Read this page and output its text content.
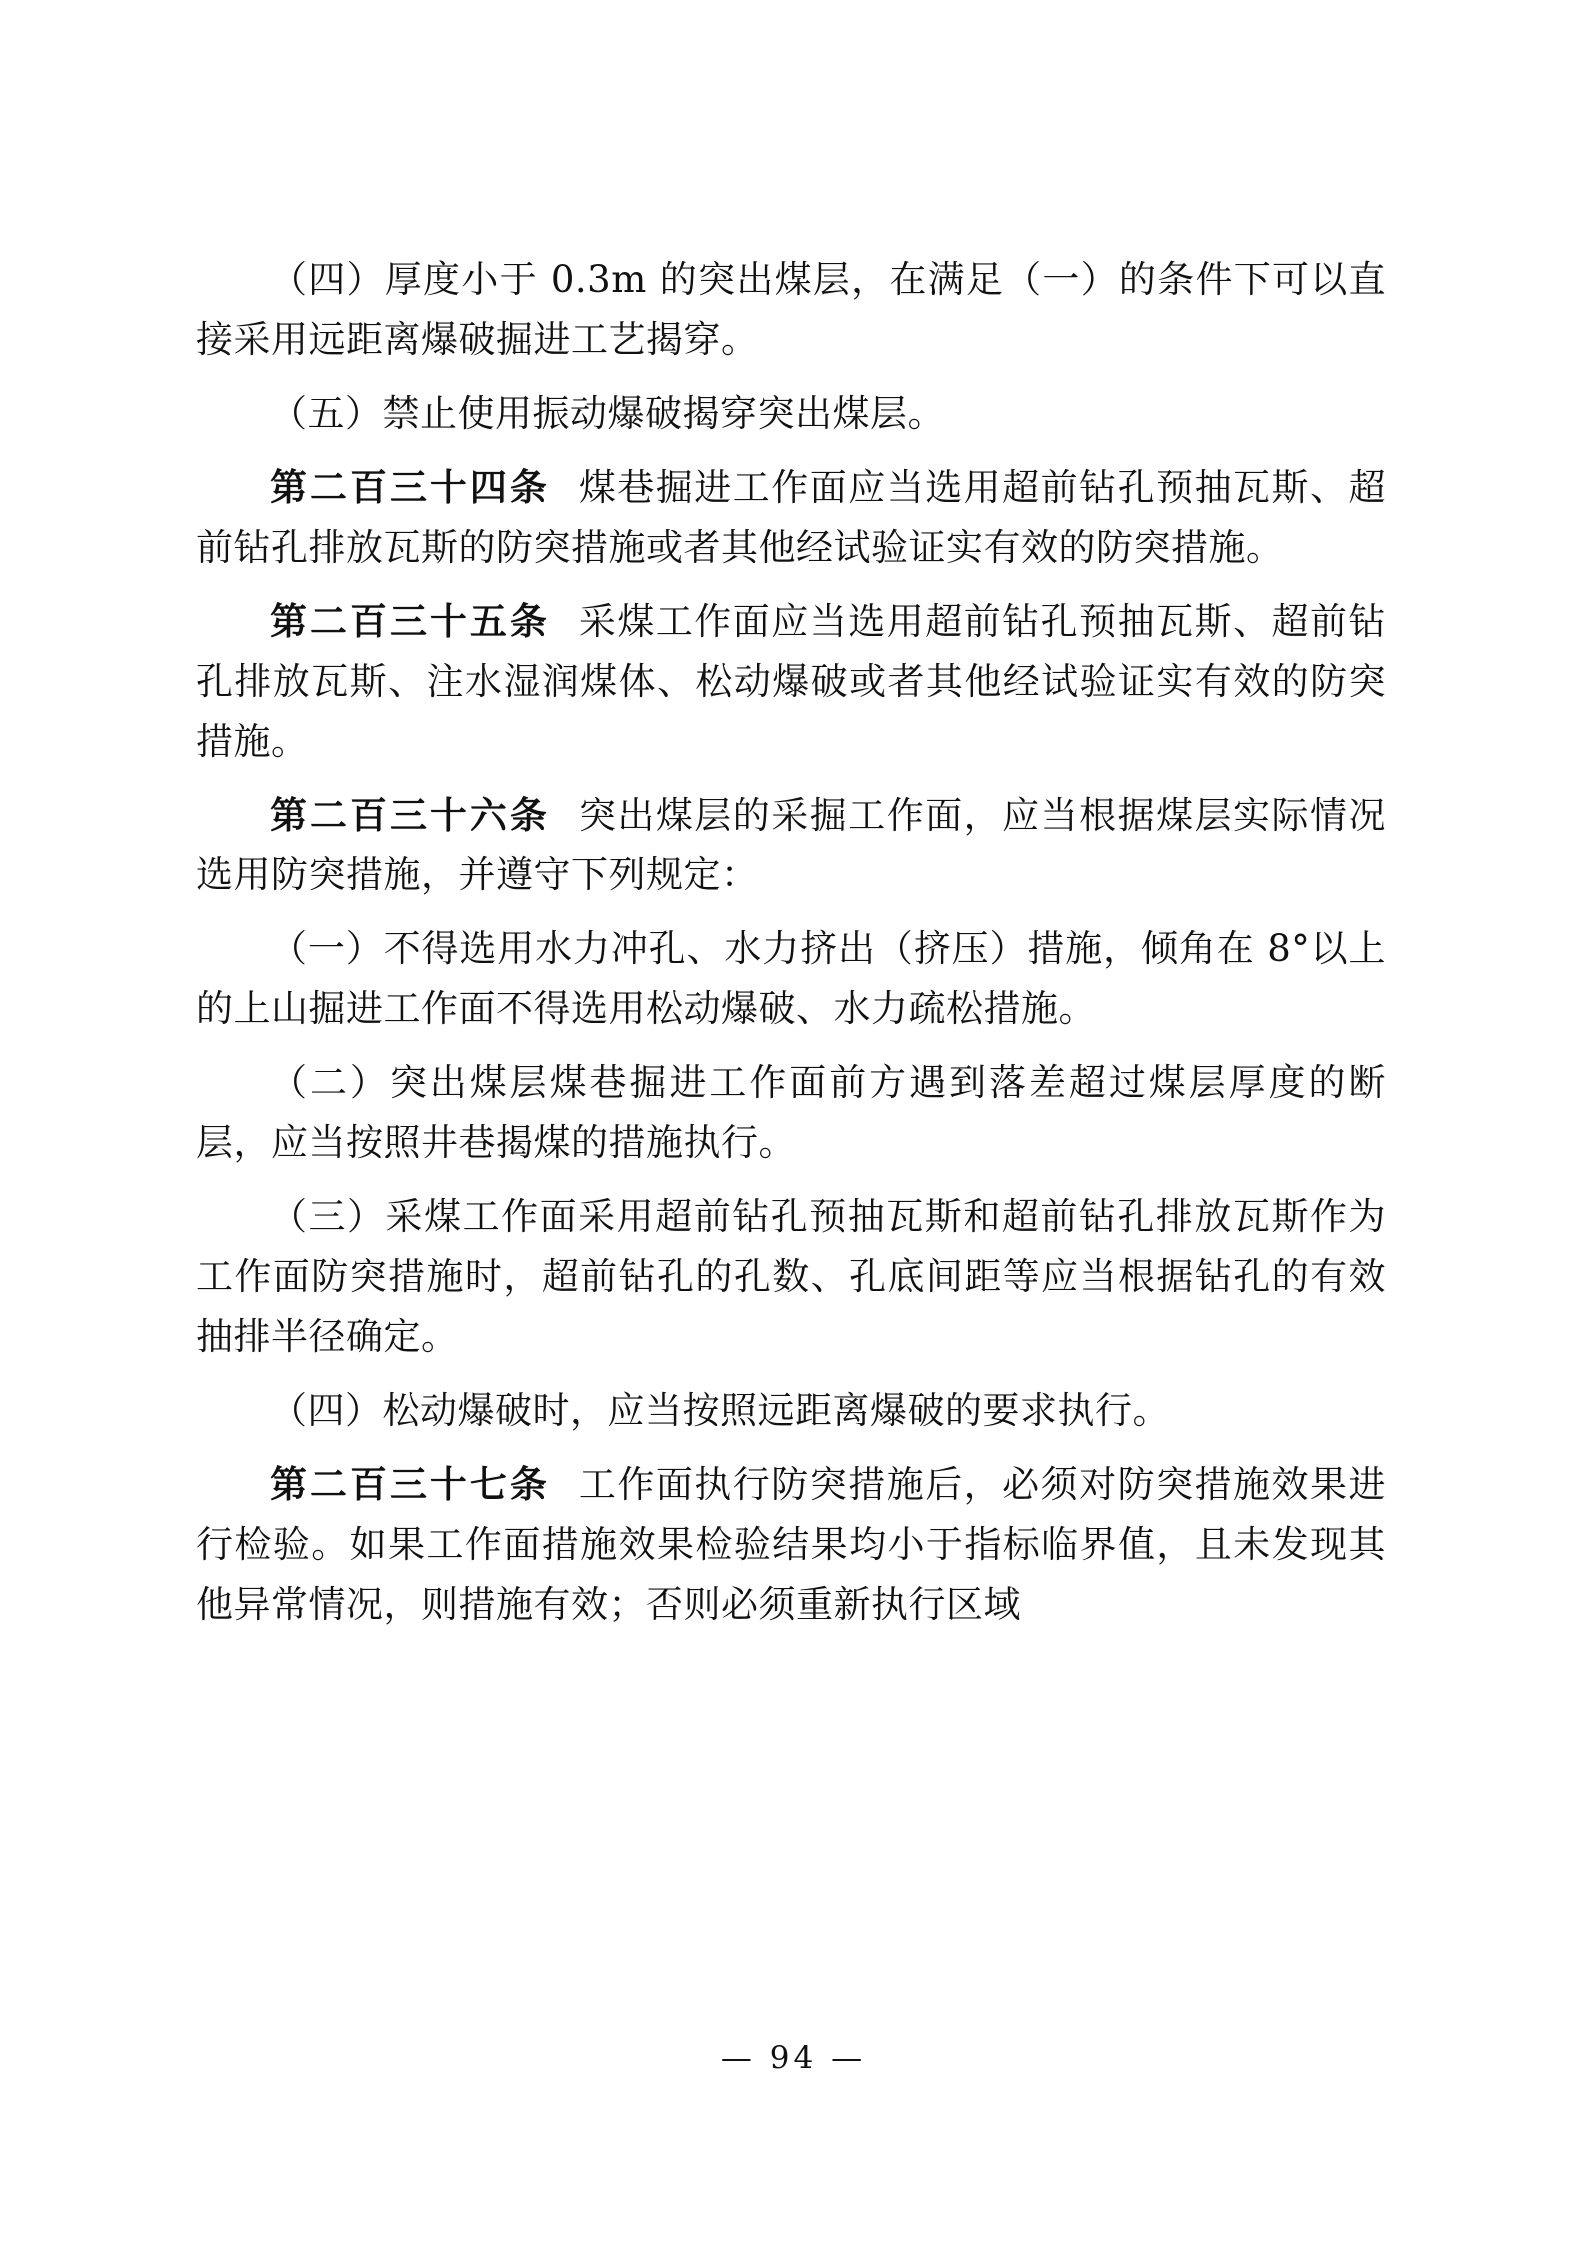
（四）厚度小于 0.3m 的突出煤层，在满足（一）的条件下可以直接采用远距离爆破掘进工艺揭穿。

（五）禁止使用振动爆破揭穿突出煤层。

第二百三十四条 煤巷掘进工作面应当选用超前钻孔预抽瓦斯、超前钻孔排放瓦斯的防突措施或者其他经试验证实有效的防突措施。

第二百三十五条 采煤工作面应当选用超前钻孔预抽瓦斯、超前钻孔排放瓦斯、注水湿润煤体、松动爆破或者其他经试验证实有效的防突措施。

第二百三十六条 突出煤层的采掘工作面，应当根据煤层实际情况选用防突措施，并遵守下列规定：

（一）不得选用水力冲孔、水力挤出（挤压）措施，倾角在 8°以上的上山掘进工作面不得选用松动爆破、水力疏松措施。

（二）突出煤层煤巷掘进工作面前方遇到落差超过煤层厚度的断层，应当按照井巷揭煤的措施执行。

（三）采煤工作面采用超前钻孔预抽瓦斯和超前钻孔排放瓦斯作为工作面防突措施时，超前钻孔的孔数、孔底间距等应当根据钻孔的有效抽排半径确定。

（四）松动爆破时，应当按照远距离爆破的要求执行。

第二百三十七条 工作面执行防突措施后，必须对防突措施效果进行检验。如果工作面措施效果检验结果均小于指标临界值，且未发现其他异常情况，则措施有效；否则必须重新执行区域

— 94 —
